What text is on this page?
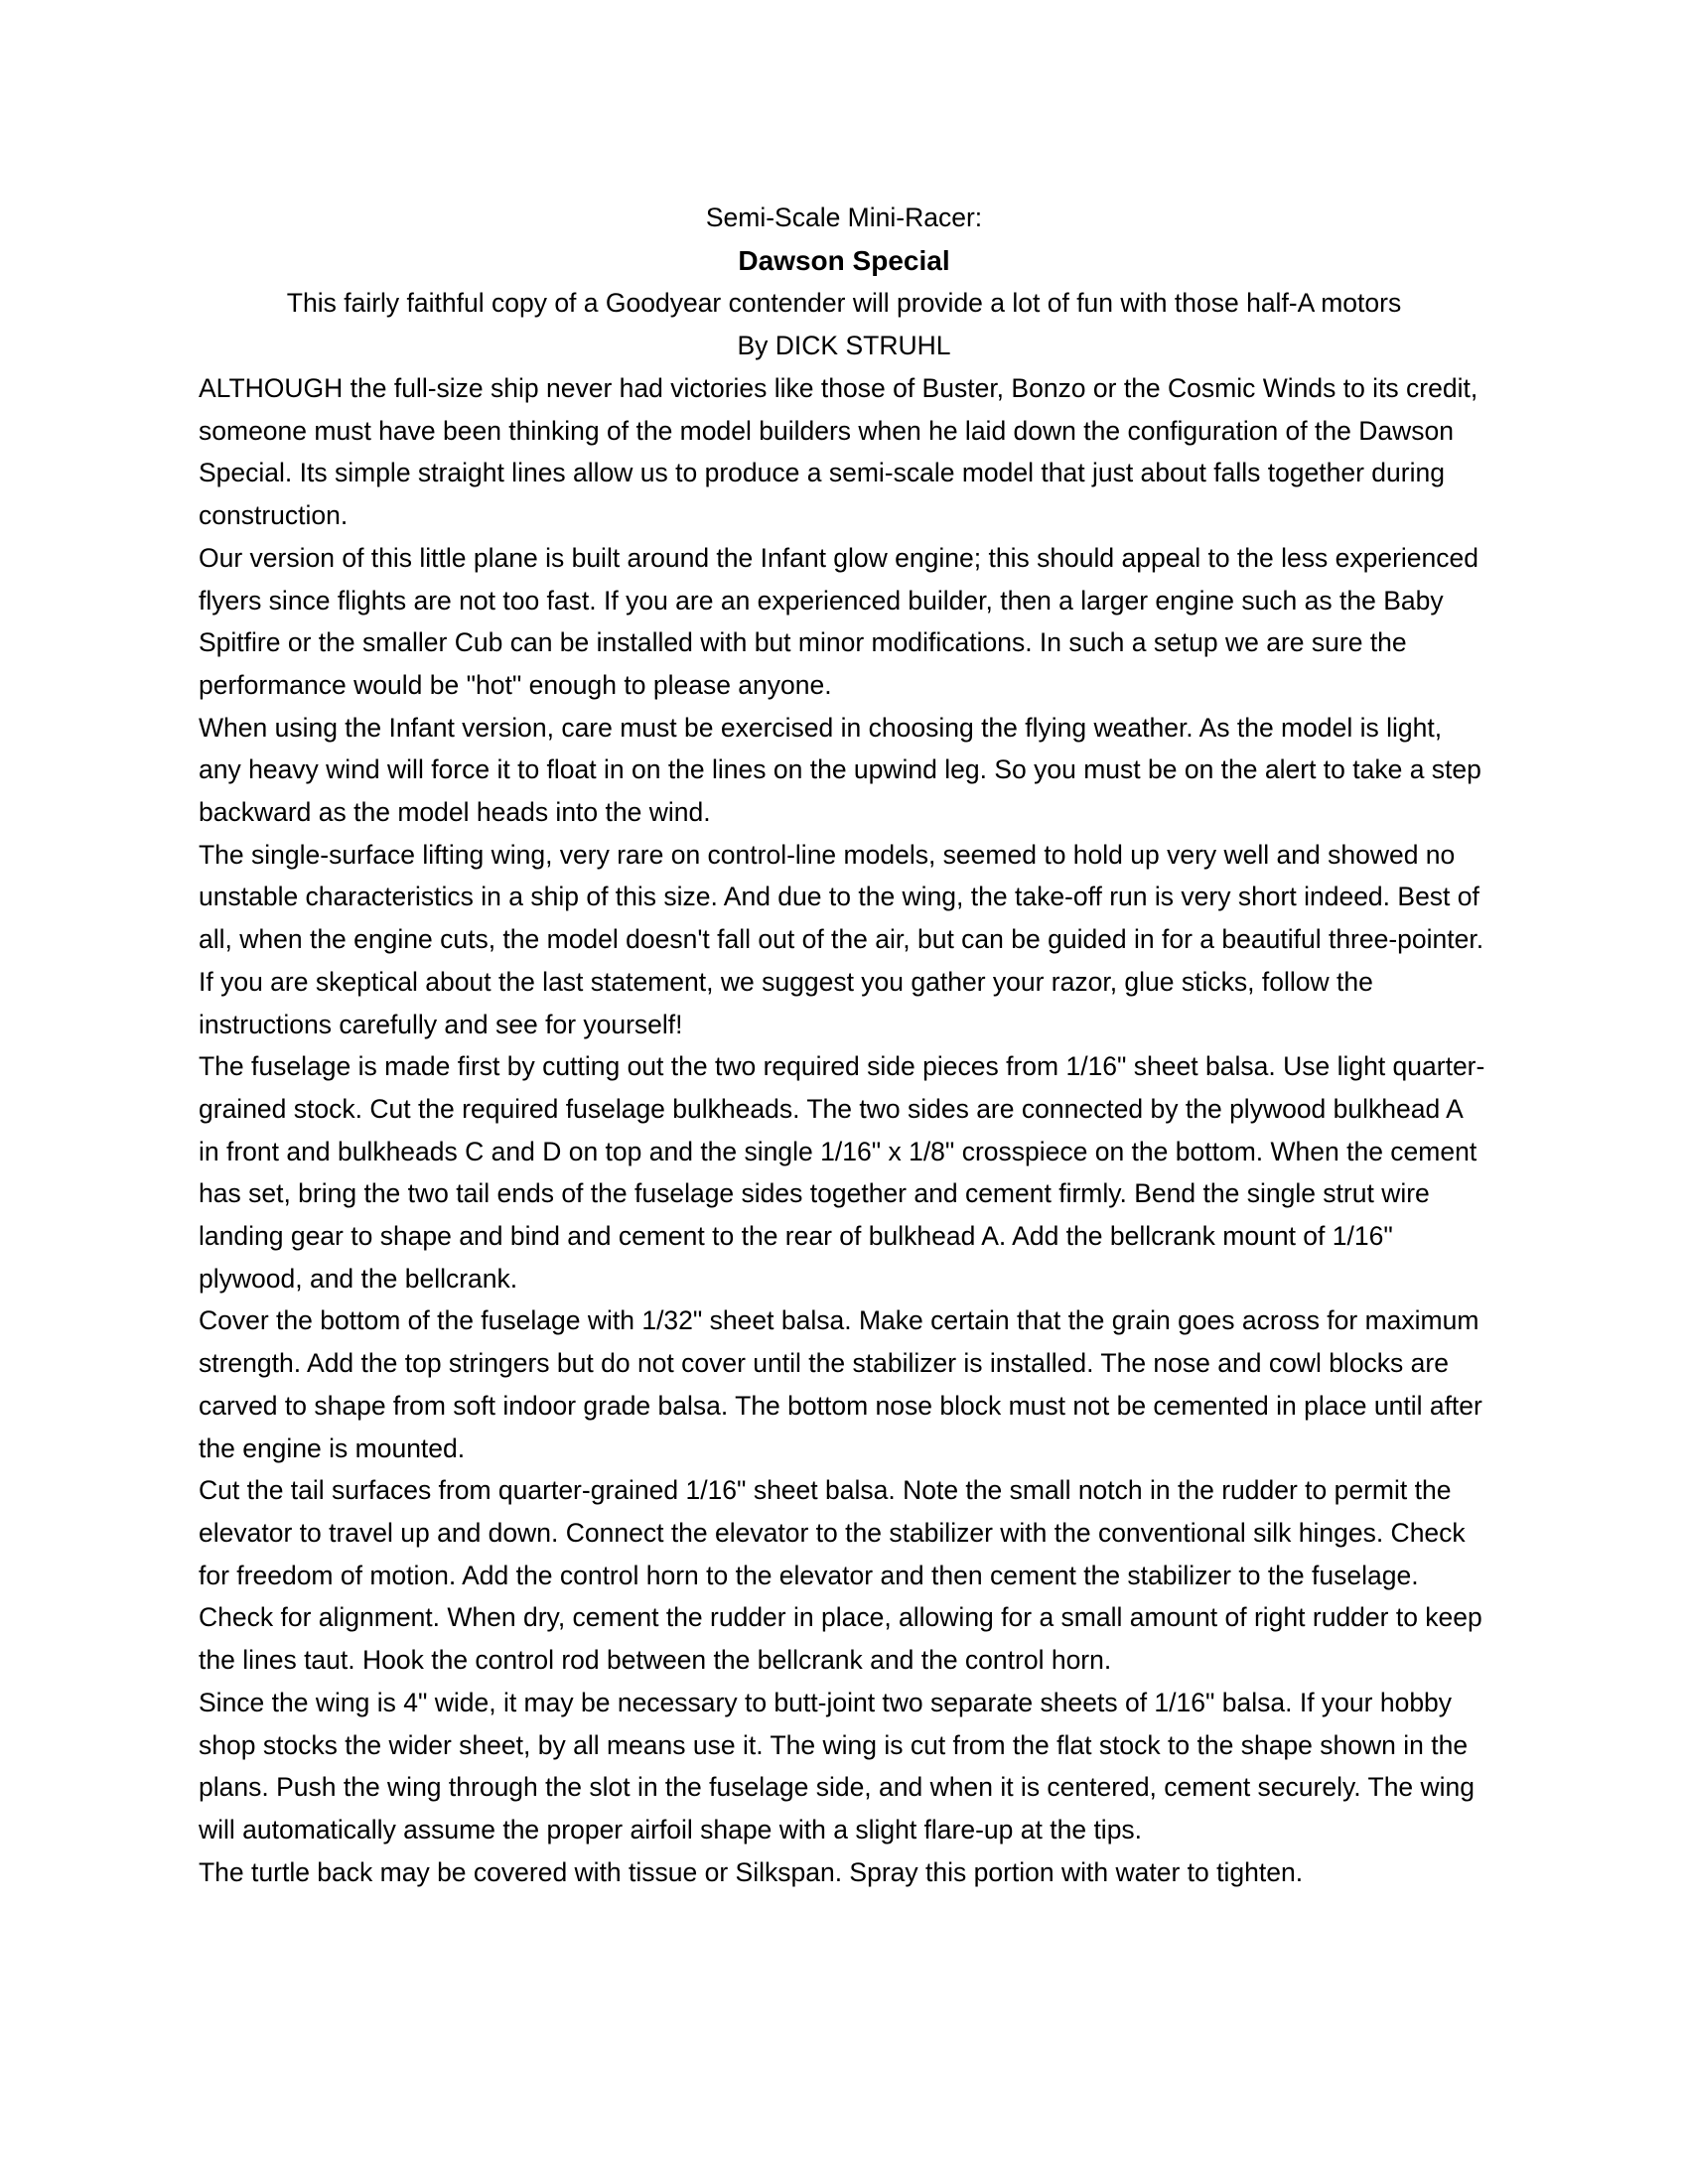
Semi-Scale Mini-Racer:

Dawson Special

This fairly faithful copy of a Goodyear contender will provide a lot of fun with those half-A motors

By DICK STRUHL

ALTHOUGH the full-size ship never had victories like those of Buster, Bonzo or the Cosmic Winds to its credit, someone must have been thinking of the model builders when he laid down the configuration of the Dawson Special. Its simple straight lines allow us to produce a semi-scale model that just about falls together during construction.

Our version of this little plane is built around the Infant glow engine; this should appeal to the less experienced flyers since flights are not too fast. If you are an experienced builder, then a larger engine such as the Baby Spitfire or the smaller Cub can be installed with but minor modifications. In such a setup we are sure the performance would be "hot" enough to please anyone.

When using the Infant version, care must be exercised in choosing the flying weather. As the model is light, any heavy wind will force it to float in on the lines on the upwind leg. So you must be on the alert to take a step backward as the model heads into the wind.

The single-surface lifting wing, very rare on control-line models, seemed to hold up very well and showed no unstable characteristics in a ship of this size. And due to the wing, the take-off run is very short indeed. Best of all, when the engine cuts, the model doesn't fall out of the air, but can be guided in for a beautiful three-pointer. If you are skeptical about the last statement, we suggest you gather your razor, glue sticks, follow the instructions carefully and see for yourself!

The fuselage is made first by cutting out the two required side pieces from 1/16" sheet balsa. Use light quarter-grained stock. Cut the required fuselage bulkheads. The two sides are connected by the plywood bulkhead A in front and bulkheads C and D on top and the single 1/16" x 1/8" crosspiece on the bottom. When the cement has set, bring the two tail ends of the fuselage sides together and cement firmly. Bend the single strut wire landing gear to shape and bind and cement to the rear of bulkhead A. Add the bellcrank mount of 1/16" plywood, and the bellcrank.

Cover the bottom of the fuselage with 1/32" sheet balsa. Make certain that the grain goes across for maximum strength. Add the top stringers but do not cover until the stabilizer is installed. The nose and cowl blocks are carved to shape from soft indoor grade balsa. The bottom nose block must not be cemented in place until after the engine is mounted.

Cut the tail surfaces from quarter-grained 1/16" sheet balsa. Note the small notch in the rudder to permit the elevator to travel up and down. Connect the elevator to the stabilizer with the conventional silk hinges. Check for freedom of motion. Add the control horn to the elevator and then cement the stabilizer to the fuselage. Check for alignment. When dry, cement the rudder in place, allowing for a small amount of right rudder to keep the lines taut. Hook the control rod between the bellcrank and the control horn.

Since the wing is 4" wide, it may be necessary to butt-joint two separate sheets of 1/16" balsa. If your hobby shop stocks the wider sheet, by all means use it. The wing is cut from the flat stock to the shape shown in the plans. Push the wing through the slot in the fuselage side, and when it is centered, cement securely. The wing will automatically assume the proper airfoil shape with a slight flare-up at the tips.

The turtle back may be covered with tissue or Silkspan. Spray this portion with water to tighten.
